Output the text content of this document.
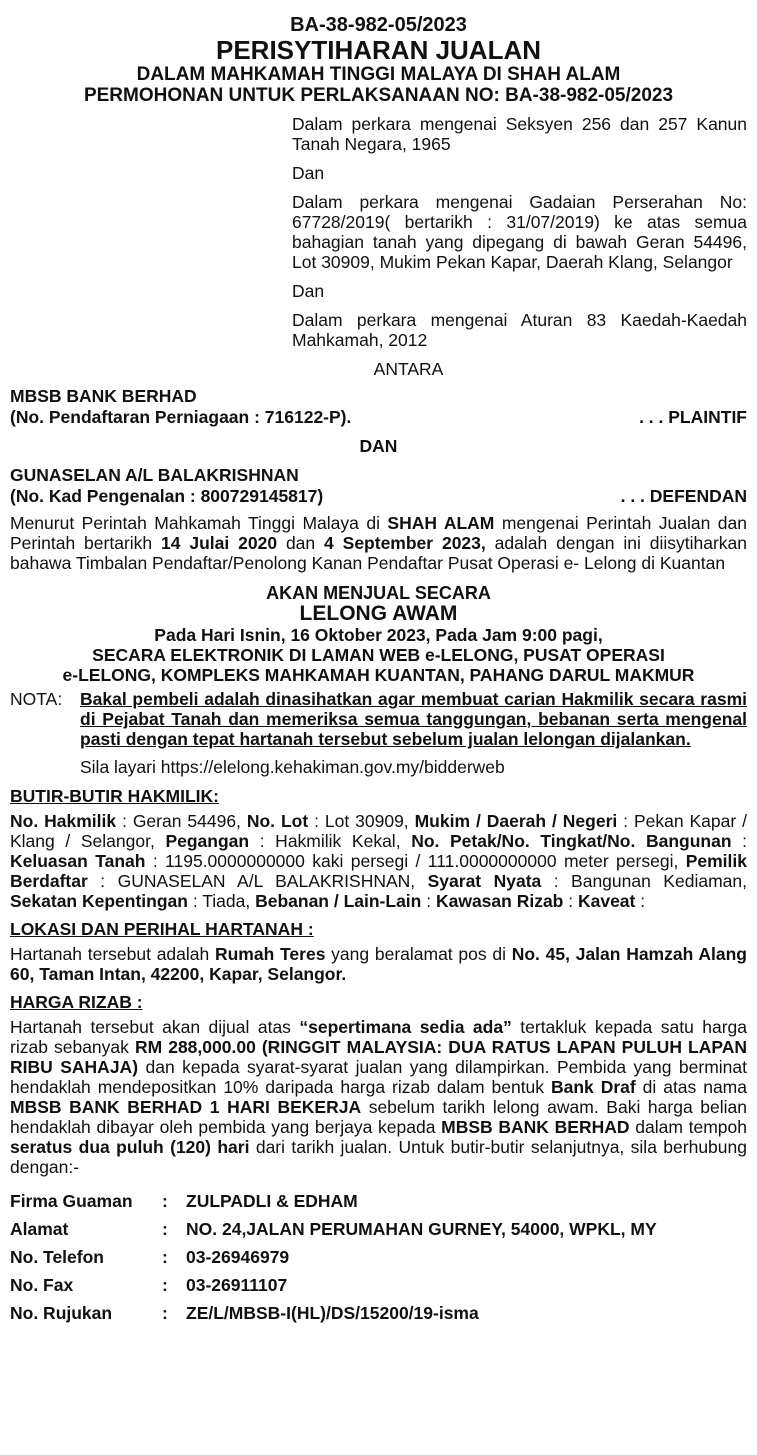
BA-38-982-05/2023
PERISYTIHARAN JUALAN
DALAM MAHKAMAH TINGGI MALAYA DI SHAH ALAM
PERMOHONAN UNTUK PERLAKSANAAN NO: BA-38-982-05/2023

Dalam perkara mengenai Seksyen 256 dan 257 Kanun Tanah Negara, 1965

Dan

Dalam perkara mengenai Gadaian Perserahan No: 67728/2019( bertarikh : 31/07/2019) ke atas semua bahagian tanah yang dipegang di bawah Geran 54496, Lot 30909, Mukim Pekan Kapar, Daerah Klang, Selangor

Dan

Dalam perkara mengenai Aturan 83 Kaedah-Kaedah Mahkamah, 2012

ANTARA
MBSB BANK BERHAD
(No. Pendaftaran Perniagaan : 716122-P).	. . . PLAINTIF
DAN
GUNASELAN A/L BALAKRISHNAN
(No. Kad Pengenalan : 800729145817)	. . . DEFENDAN

Menurut Perintah Mahkamah Tinggi Malaya di SHAH ALAM mengenai Perintah Jualan dan Perintah bertarikh 14 Julai 2020 dan 4 September 2023, adalah dengan ini diisytiharkan bahawa Timbalan Pendaftar/Penolong Kanan Pendaftar Pusat Operasi e- Lelong di Kuantan

AKAN MENJUAL SECARA
LELONG AWAM
Pada Hari Isnin, 16 Oktober 2023, Pada Jam 9:00 pagi,
SECARA ELEKTRONIK DI LAMAN WEB e-LELONG, PUSAT OPERASI
e-LELONG, KOMPLEKS MAHKAMAH KUANTAN, PAHANG DARUL MAKMUR
NOTA:	Bakal pembeli adalah dinasihatkan agar membuat carian Hakmilik secara rasmi di Pejabat Tanah dan memeriksa semua tanggungan, bebanan serta mengenal pasti dengan tepat hartanah tersebut sebelum jualan lelongan dijalankan.
Sila layari https://elelong.kehakiman.gov.my/bidderweb
BUTIR-BUTIR HAKMILIK:

No. Hakmilik : Geran 54496, No. Lot : Lot 30909, Mukim / Daerah / Negeri : Pekan Kapar / Klang / Selangor, Pegangan : Hakmilik Kekal, No. Petak/No. Tingkat/No. Bangunan : Keluasan Tanah : 1195.0000000000 kaki persegi / 111.0000000000 meter persegi, Pemilik Berdaftar : GUNASELAN A/L BALAKRISHNAN, Syarat Nyata : Bangunan Kediaman, Sekatan Kepentingan : Tiada, Bebanan / Lain-Lain : Kawasan Rizab : Kaveat :

LOKASI DAN PERIHAL HARTANAH :

Hartanah tersebut adalah Rumah Teres yang beralamat pos di No. 45, Jalan Hamzah Alang 60, Taman Intan, 42200, Kapar, Selangor.

HARGA RIZAB :

Hartanah tersebut akan dijual atas “sepertimana sedia ada” tertakluk kepada satu harga rizab sebanyak RM 288,000.00 (RINGGIT MALAYSIA: DUA RATUS LAPAN PULUH LAPAN RIBU SAHAJA) dan kepada syarat-syarat jualan yang dilampirkan. Pembida yang berminat hendaklah mendepositkan 10% daripada harga rizab dalam bentuk Bank Draf di atas nama MBSB BANK BERHAD 1 HARI BEKERJA sebelum tarikh lelong awam. Baki harga belian hendaklah dibayar oleh pembida yang berjaya kepada MBSB BANK BERHAD dalam tempoh seratus dua puluh (120) hari dari tarikh jualan. Untuk butir-butir selanjutnya, sila berhubung dengan:-

Firma Guaman	:	ZULPADLI & EDHAM
Alamat	:	NO. 24,JALAN PERUMAHAN GURNEY, 54000, WPKL, MY
No. Telefon	:	03-26946979
No. Fax	:	03-26911107
No. Rujukan	:	ZE/L/MBSB-I(HL)/DS/15200/19-isma
